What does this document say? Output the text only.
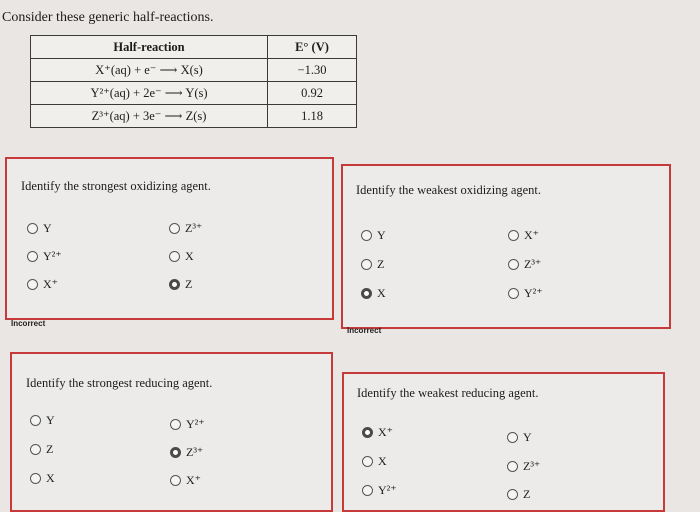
Consider these generic half-reactions.
Half-reaction	E° (V)
X⁺(aq) + e⁻ ⟶ X(s)	−1.30
Y²⁺(aq) + 2e⁻ ⟶ Y(s)	0.92
Z³⁺(aq) + 3e⁻ ⟶ Z(s)	1.18
Identify the strongest oxidizing agent.
Y
Y²⁺
X⁺
Z³⁺
X
Z
Incorrect
Identify the weakest oxidizing agent.
Y
Z
X
X⁺
Z³⁺
Y²⁺
Incorrect
Identify the strongest reducing agent.
Y
Z
X
Y²⁺
Z³⁺
X⁺
Identify the weakest reducing agent.
X⁺
X
Y²⁺
Y
Z³⁺
Z
